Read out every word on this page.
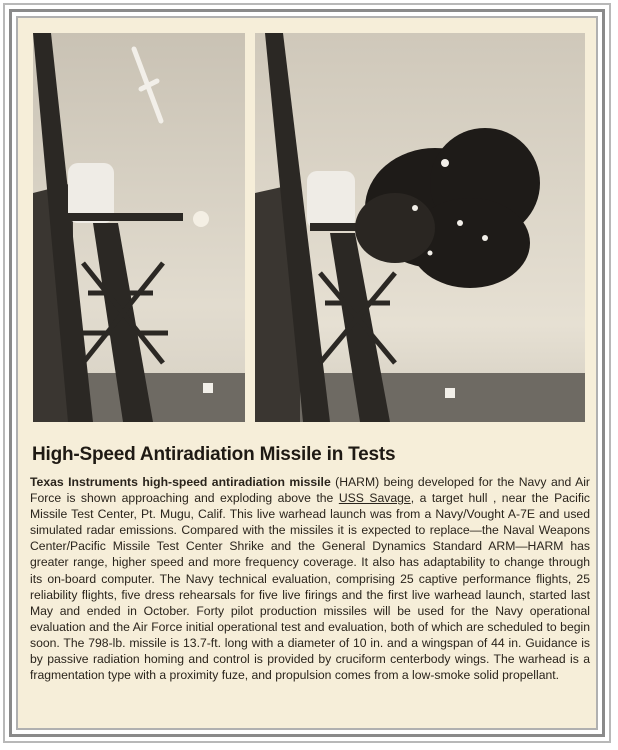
High-Speed Antiradiation Missile in Tests
Texas Instruments high-speed antiradiation missile (HARM) being developed for the Navy and Air Force is shown approaching and exploding above the USS Savage, a target hull , near the Pacific Missile Test Center, Pt. Mugu, Calif. This live warhead launch was from a Navy/Vought A-7E and used simulated radar emissions. Compared with the missiles it is expected to replace—the Naval Weapons Center/Pacific Missile Test Center Shrike and the General Dynamics Standard ARM—HARM has greater range, higher speed and more frequency coverage. It also has adaptability to change through its on-board computer. The Navy technical evaluation, comprising 25 captive performance flights, 25 reliability flights, five dress rehearsals for five live firings and the first live warhead launch, started last May and ended in October. Forty pilot production missiles will be used for the Navy operational evaluation and the Air Force initial operational test and evaluation, both of which are scheduled to begin soon. The 798-lb. missile is 13.7-ft. long with a diameter of 10 in. and a wingspan of 44 in. Guidance is by passive radiation homing and control is provided by cruciform centerbody wings. The warhead is a fragmentation type with a proximity fuze, and propulsion comes from a low-smoke solid propellant.
